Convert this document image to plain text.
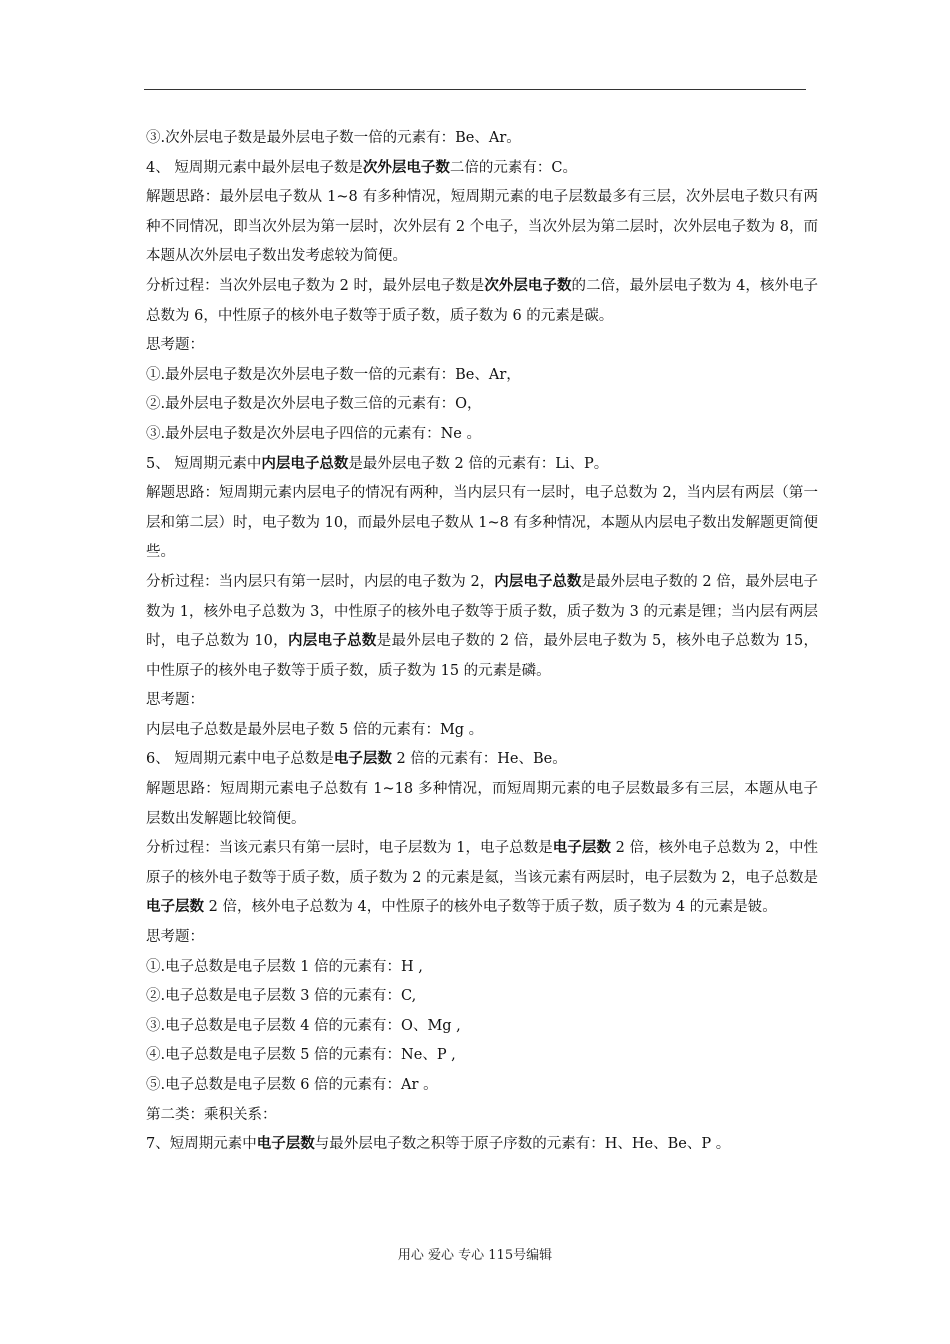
③.次外层电子数是最外层电子数一倍的元素有：Be、Ar。
4、 短周期元素中最外层电子数是次外层电子数二倍的元素有：C。
解题思路：最外层电子数从 1~8 有多种情况，短周期元素的电子层数最多有三层，次外层电子数只有两种不同情况，即当次外层为第一层时，次外层有 2 个电子，当次外层为第二层时，次外层电子数为 8，而本题从次外层电子数出发考虑较为简便。
分析过程：当次外层电子数为 2 时，最外层电子数是次外层电子数的二倍，最外层电子数为 4，核外电子总数为 6，中性原子的核外电子数等于质子数，质子数为 6 的元素是碳。
思考题：
①.最外层电子数是次外层电子数一倍的元素有：Be、Ar，
②.最外层电子数是次外层电子数三倍的元素有：O，
③.最外层电子数是次外层电子四倍的元素有：Ne 。
5、 短周期元素中内层电子总数是最外层电子数 2 倍的元素有：Li、P。
解题思路：短周期元素内层电子的情况有两种，当内层只有一层时，电子总数为 2，当内层有两层（第一层和第二层）时，电子数为 10，而最外层电子数从 1~8 有多种情况，本题从内层电子数出发解题更简便些。
分析过程：当内层只有第一层时，内层的电子数为 2，内层电子总数是最外层电子数的 2 倍，最外层电子数为 1，核外电子总数为 3，中性原子的核外电子数等于质子数，质子数为 3 的元素是锂；当内层有两层时，电子总数为 10，内层电子总数是最外层电子数的 2 倍，最外层电子数为 5，核外电子总数为 15，中性原子的核外电子数等于质子数，质子数为 15 的元素是磷。
思考题：
内层电子总数是最外层电子数 5 倍的元素有：Mg 。
6、 短周期元素中电子总数是电子层数 2 倍的元素有：He、Be。
解题思路：短周期元素电子总数有 1~18 多种情况，而短周期元素的电子层数最多有三层，本题从电子层数出发解题比较简便。
分析过程：当该元素只有第一层时，电子层数为 1，电子总数是电子层数 2 倍，核外电子总数为 2，中性原子的核外电子数等于质子数，质子数为 2 的元素是氦，当该元素有两层时，电子层数为 2，电子总数是电子层数 2 倍，核外电子总数为 4，中性原子的核外电子数等于质子数，质子数为 4 的元素是铍。
思考题：
①.电子总数是电子层数 1 倍的元素有：H ,
②.电子总数是电子层数 3 倍的元素有：C,
③.电子总数是电子层数 4 倍的元素有：O、Mg ,
④.电子总数是电子层数 5 倍的元素有：Ne、P ,
⑤.电子总数是电子层数 6 倍的元素有：Ar 。
第二类：乘积关系：
7、短周期元素中电子层数与最外层电子数之积等于原子序数的元素有：H、He、Be、P 。
用心 爱心 专心 115号编辑
